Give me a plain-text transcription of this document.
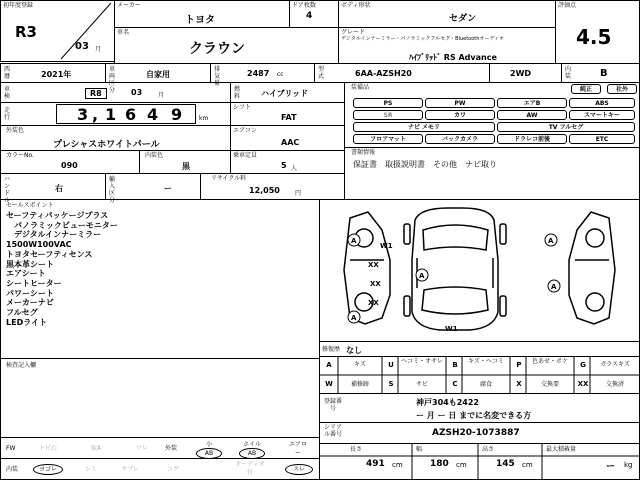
初年度登録
R3
03 月
メーカー
トヨタ
ドア枚数
4
ボディ形状
セダン
評価点
4.5
車名
クラウン
グレード
デジタルインナーミラー・パノラミックフルセグ・Bluetoothオーディオ
ﾊｲﾌﾞﾘｯﾄﾞ RS Advance
西暦	2021年
車両区分
自家用
排気量
2487 cc
型式	6AA-AZSH20	2WD	内装	B
車検	R8	03	月
燃料	ハイブリッド
走行	3 , 1 6 4 9	km
シフト
FAT
外装色
プレシャスホワイトパール
エアコン
AAC
カラーNo.
090
内装色
黒
乗車定員
5 人
ハンドル
右
輸入区分
ー
リサイクル料
12,050	円
装備品	純正	社外
PS	PW	エアB	ABS
SR	カワ	AW	スマートキー
ナビ メモリ	TV フルセグ
フロアマット	バックカメラ	ドラレコ前後	ETC
書類情報
保証書　取扱説明書　その他　ナビ取り
セールスポイント
セーフティパッケージプラス
　パノラミックビューモニター
　デジタルインナーミラー
1500W100VAC
トヨタセーフティセンス
黒本革シート
エアシート
シートヒーター
パワーシート
メーカーナビ
フルセグ
LEDライト
A
W1
A
XX
A
XX	A
XX
W1
A
修復歴 なし
A	キズ	U	ヘコミ・オサレ	B	キズ・ヘコミ	P	色あせ・ボケ	G	ガラスキズ
W	補修跡	S	サビ	C	腐食	X	交換要	XX	交換済
検査記入欄
登録番号
神戸304も2422
ー 月 ー 日 までに名変できる方
シリアル番号	AZSH20-1073887
FW	トビ石	取A	ワレ	外装
小
AB
ホイル
AB
エアロ
ー
内装	ヨゴレ	シミ	ヤブレ	コゲ
オーディオ付	スレ
長さ
491 cm
幅
180 cm
高さ
145 cm
最大積載量
ー kg
